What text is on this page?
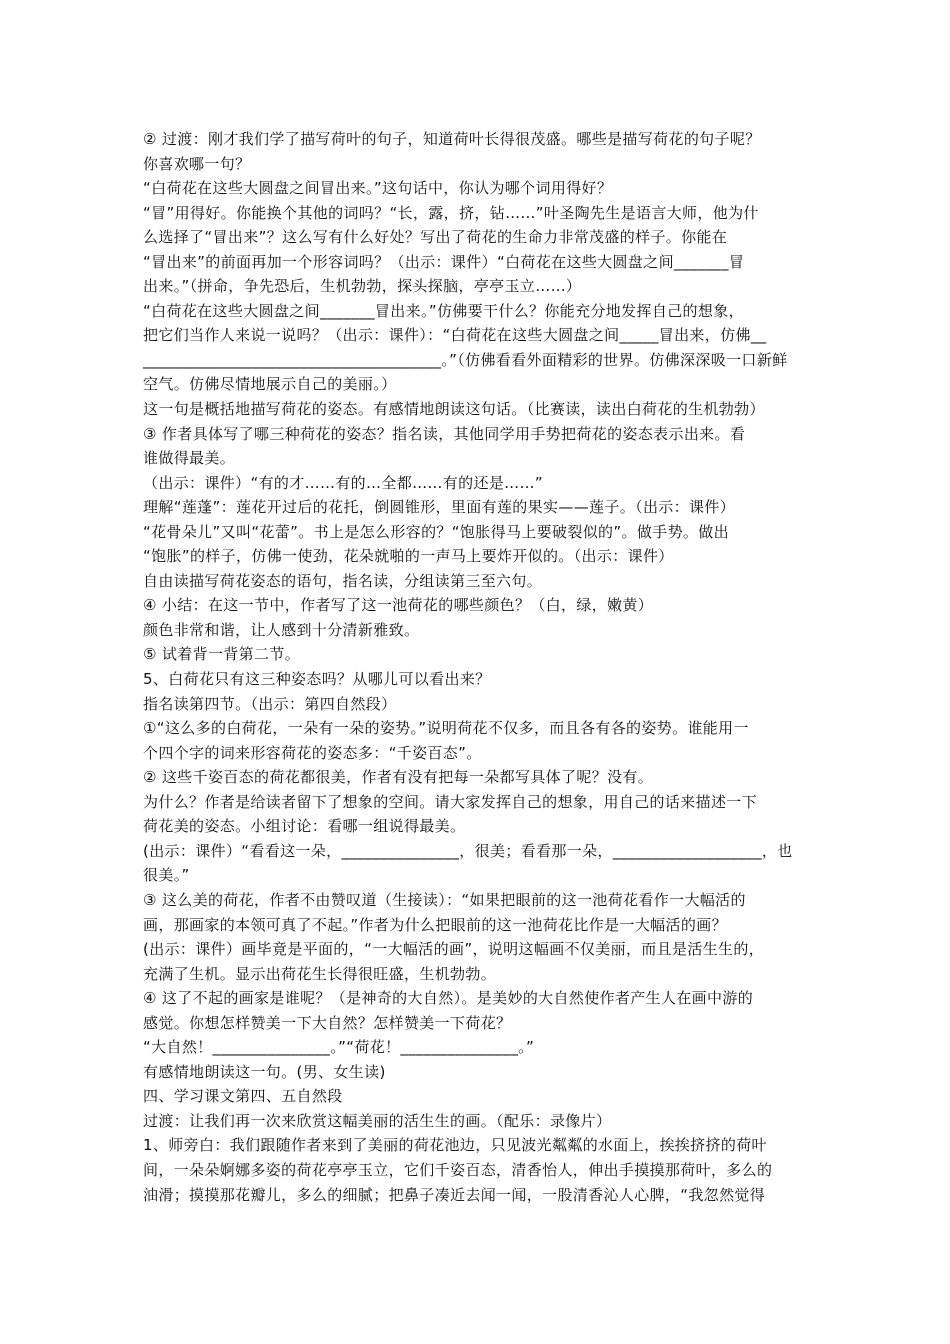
② 过渡：刚才我们学了描写荷叶的句子，知道荷叶长得很茂盛。哪些是描写荷花的句子呢？
你喜欢哪一句？
“白荷花在这些大圆盘之间冒出来。”这句话中，你认为哪个词用得好？
“冒”用得好。你能换个其他的词吗？“长，露，挤，钻……”叶圣陶先生是语言大师，他为什
么选择了“冒出来”？这么写有什么好处？写出了荷花的生命力非常茂盛的样子。你能在
“冒出来”的前面再加一个形容词吗？（出示：课件）“白荷花在这些大圆盘之间_______冒
出来。”（拼命，争先恐后，生机勃勃，探头探脑，亭亭玉立……）
“白荷花在这些大圆盘之间_______冒出来。”仿佛要干什么？你能充分地发挥自己的想象，
把它们当作人来说一说吗？（出示：课件）：“白荷花在这些大圆盘之间_____冒出来，仿佛__
______________________________________。”（仿佛看看外面精彩的世界。仿佛深深吸一口新鲜
空气。仿佛尽情地展示自己的美丽。）
这一句是概括地描写荷花的姿态。有感情地朗读这句话。（比赛读，读出白荷花的生机勃勃）
③ 作者具体写了哪三种荷花的姿态？指名读，其他同学用手势把荷花的姿态表示出来。看
谁做得最美。
（出示：课件）“有的才……有的…全都……有的还是……”
理解“莲蓬”：莲花开过后的花托，倒圆锥形，里面有莲的果实——莲子。（出示：课件）
“花骨朵儿”又叫“花蕾”。书上是怎么形容的？“饱胀得马上要破裂似的”。做手势。做出
“饱胀”的样子，仿佛一使劲，花朵就啪的一声马上要炸开似的。（出示：课件）
自由读描写荷花姿态的语句，指名读，分组读第三至六句。
④ 小结：在这一节中，作者写了这一池荷花的哪些颜色？（白，绿，嫩黄）
颜色非常和谐，让人感到十分清新雅致。
⑤ 试着背一背第二节。
5、白荷花只有这三种姿态吗？从哪儿可以看出来？
指名读第四节。（出示：第四自然段）
①“这么多的白荷花，一朵有一朵的姿势。”说明荷花不仅多，而且各有各的姿势。谁能用一
个四个字的词来形容荷花的姿态多：“千姿百态”。
② 这些千姿百态的荷花都很美，作者有没有把每一朵都写具体了呢？没有。
为什么？作者是给读者留下了想象的空间。请大家发挥自己的想象，用自己的话来描述一下
荷花美的姿态。小组讨论：看哪一组说得最美。
(出示：课件）“看看这一朵，_______________，很美；看看那一朵，___________________，也
很美。”
③ 这么美的荷花，作者不由赞叹道（生接读）：“如果把眼前的这一池荷花看作一大幅活的
画，那画家的本领可真了不起。”作者为什么把眼前的这一池荷花比作是一大幅活的画？
(出示：课件）画毕竟是平面的，“一大幅活的画”，说明这幅画不仅美丽，而且是活生生的，
充满了生机。显示出荷花生长得很旺盛，生机勃勃。
④ 这了不起的画家是谁呢？（是神奇的大自然）。是美妙的大自然使作者产生人在画中游的
感觉。你想怎样赞美一下大自然？怎样赞美一下荷花？
“大自然！_______________。”“荷花！_______________。”
有感情地朗读这一句。(男、女生读)
四、学习课文第四、五自然段
过渡：让我们再一次来欣赏这幅美丽的活生生的画。（配乐：录像片）
1、师旁白：我们跟随作者来到了美丽的荷花池边，只见波光粼粼的水面上，挨挨挤挤的荷叶
间，一朵朵婀娜多姿的荷花亭亭玉立，它们千姿百态，清香怡人，伸出手摸摸那荷叶，多么的
油滑；摸摸那花瓣儿，多么的细腻；把鼻子凑近去闻一闻，一股清香沁人心脾，“我忽然觉得
